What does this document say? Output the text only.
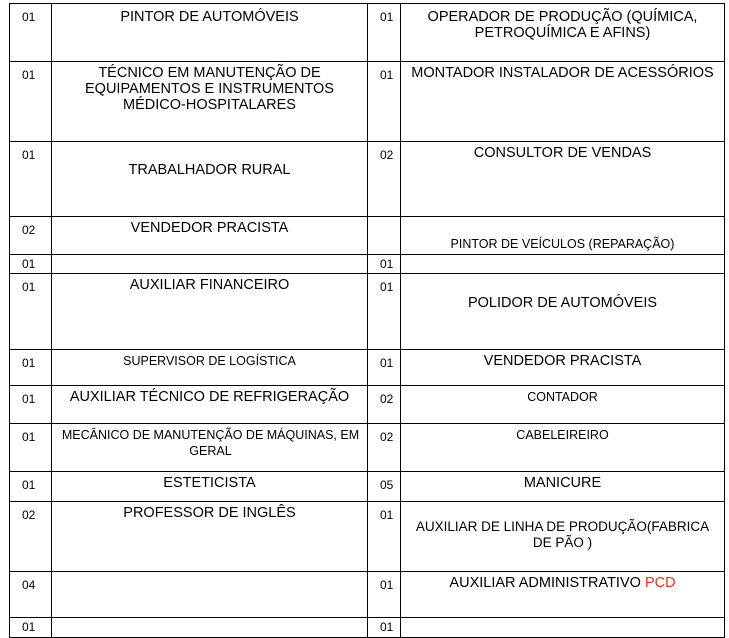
01	PINTOR DE AUTOMÓVEIS	01	OPERADOR DE PRODUÇÃO (QUÍMICA, PETROQUÍMICA E AFINS)
01	TÉCNICO EM MANUTENÇÃO DE EQUIPAMENTOS E INSTRUMENTOS MÉDICO-HOSPITALARES	01	MONTADOR INSTALADOR DE ACESSÓRIOS
01	TRABALHADOR RURAL	02	CONSULTOR DE VENDAS
02	VENDEDOR PRACISTA		PINTOR DE VEÍCULOS (REPARAÇÃO)
01		01	
01	AUXILIAR FINANCEIRO	01	POLIDOR DE AUTOMÓVEIS
01	SUPERVISOR DE LOGÍSTICA	01	VENDEDOR PRACISTA
01	AUXILIAR TÉCNICO DE REFRIGERAÇÃO	02	CONTADOR
01	MECÂNICO DE MANUTENÇÃO DE MÁQUINAS, EM GERAL	02	CABELEIREIRO
01	ESTETICISTA	05	MANICURE
02	PROFESSOR DE INGLÊS	01	AUXILIAR DE LINHA DE PRODUÇÃO(FABRICA DE PÃO )
04		01	AUXILIAR ADMINISTRATIVO PCD
01		01	
